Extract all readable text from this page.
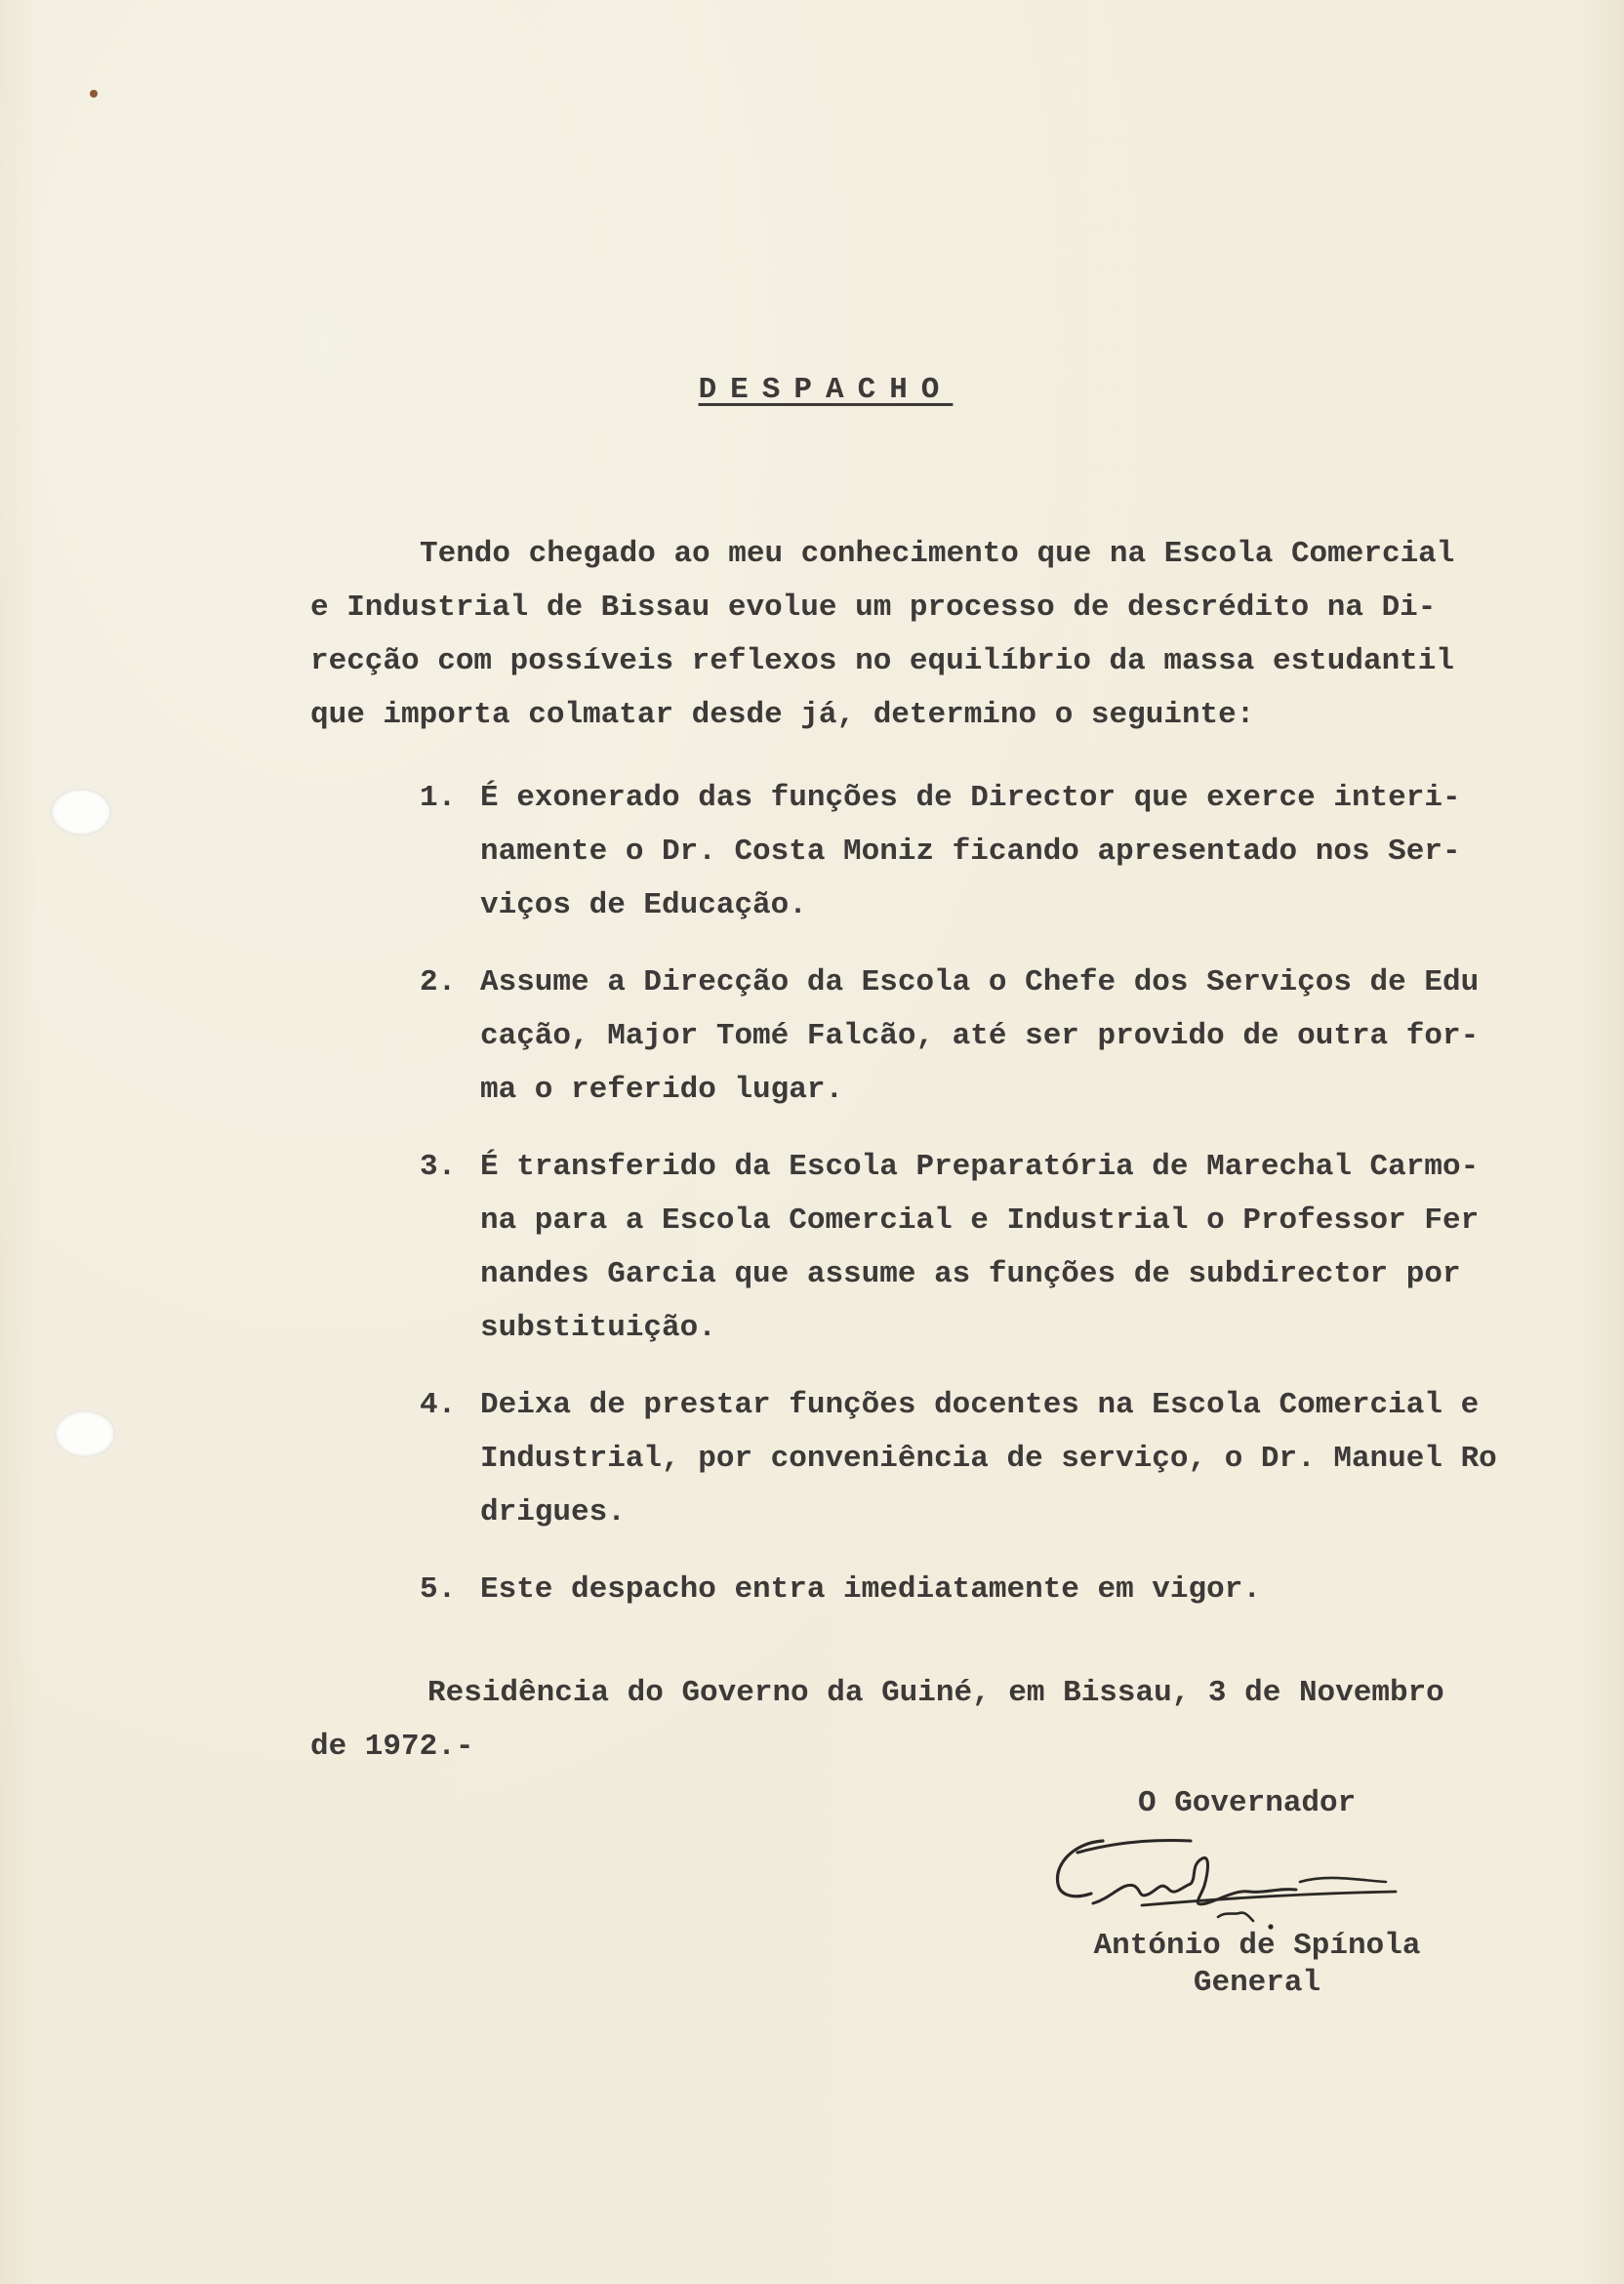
DESPACHO
Tendo chegado ao meu conhecimento que na Escola Comercial
e Industrial de Bissau evolue um processo de descrédito na Di-
recção com possíveis reflexos no equilíbrio da massa estudantil
que importa colmatar desde já, determino o seguinte:
1. É exonerado das funções de Director que exerce interi-
namente o Dr. Costa Moniz ficando apresentado nos Ser-
viços de Educação.
2. Assume a Direcção da Escola o Chefe dos Serviços de Edu
cação, Major Tomé Falcão, até ser provido de outra for-
ma o referido lugar.
3. É transferido da Escola Preparatória de Marechal Carmo-
na para a Escola Comercial e Industrial o Professor Fer
nandes Garcia que assume as funções de subdirector por
substituição.
4. Deixa de prestar funções docentes na Escola Comercial e
Industrial, por conveniência de serviço, o Dr. Manuel Ro
drigues.
5. Este despacho entra imediatamente em vigor.
Residência do Governo da Guiné, em Bissau, 3 de Novembro
de 1972.-
O Governador
António de Spínola
General
